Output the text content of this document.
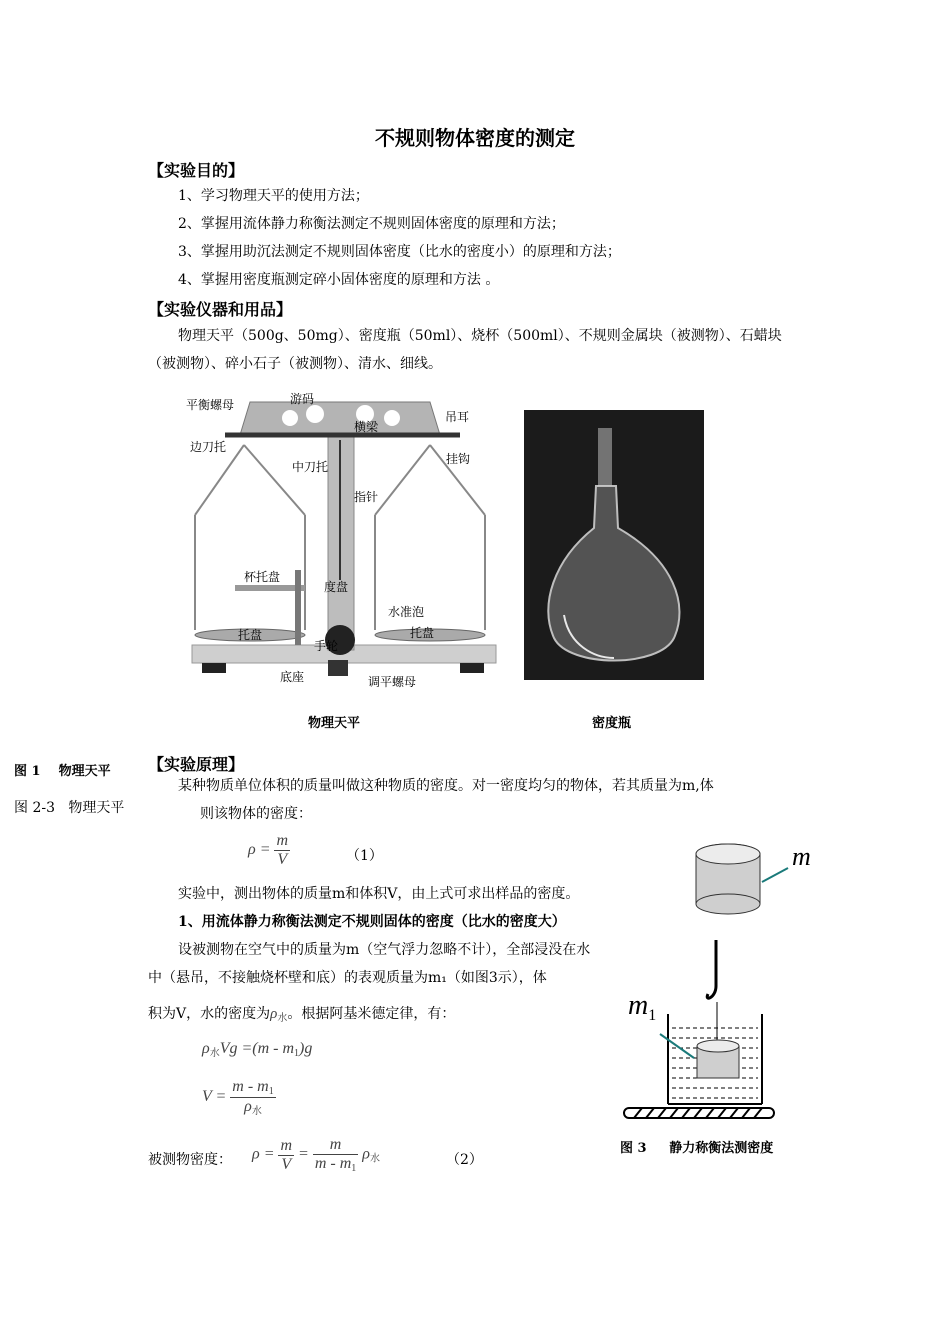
不规则物体密度的测定
【实验目的】
1、学习物理天平的使用方法；
2、掌握用流体静力称衡法测定不规则固体密度的原理和方法；
3、掌握用助沉法测定不规则固体密度（比水的密度小）的原理和方法；
4、掌握用密度瓶测定碎小固体密度的原理和方法 。
【实验仪器和用品】
物理天平（500g、50mg）、密度瓶（50ml）、烧杯（500ml）、不规则金属块（被测物）、石蜡块
（被测物）、碎小石子（被测物）、清水、细线。
平衡螺母	游码
吊耳
横梁
边刀托
中刀托
挂钩
指针
杯托盘
度盘
水准泡
托盘	托盘
手轮
底座	调平螺母
物理天平	密度瓶
图 1    物理天平
图 2-3   物理天平
【实验原理】
某种物质单位体积的质量叫做这种物质的密度。对一密度均匀的物体，若其质量为m,体
则该物体的密度：
$\rho = \frac{m}{V}$	（1）
实验中，测出物体的质量m和体积V，由上式可求出样品的密度。
1、用流体静力称衡法测定不规则固体的密度（比水的密度大）
设被测物在空气中的质量为m（空气浮力忽略不计），全部浸没在水
中（悬吊，不接触烧杯壁和底）的表观质量为m₁（如图3示），体
积为V，水的密度为$\rho_水$。根据阿基米德定律，有：
$\rho_水Vg =(m - m_1)g$
$V = \frac{m - m_1}{\rho_水}$
被测物密度： $\rho = \frac{m}{V} = \frac{m}{m - m_1} \rho_水$	（2）
m
$m_1$
图 3     静力称衡法测密度
